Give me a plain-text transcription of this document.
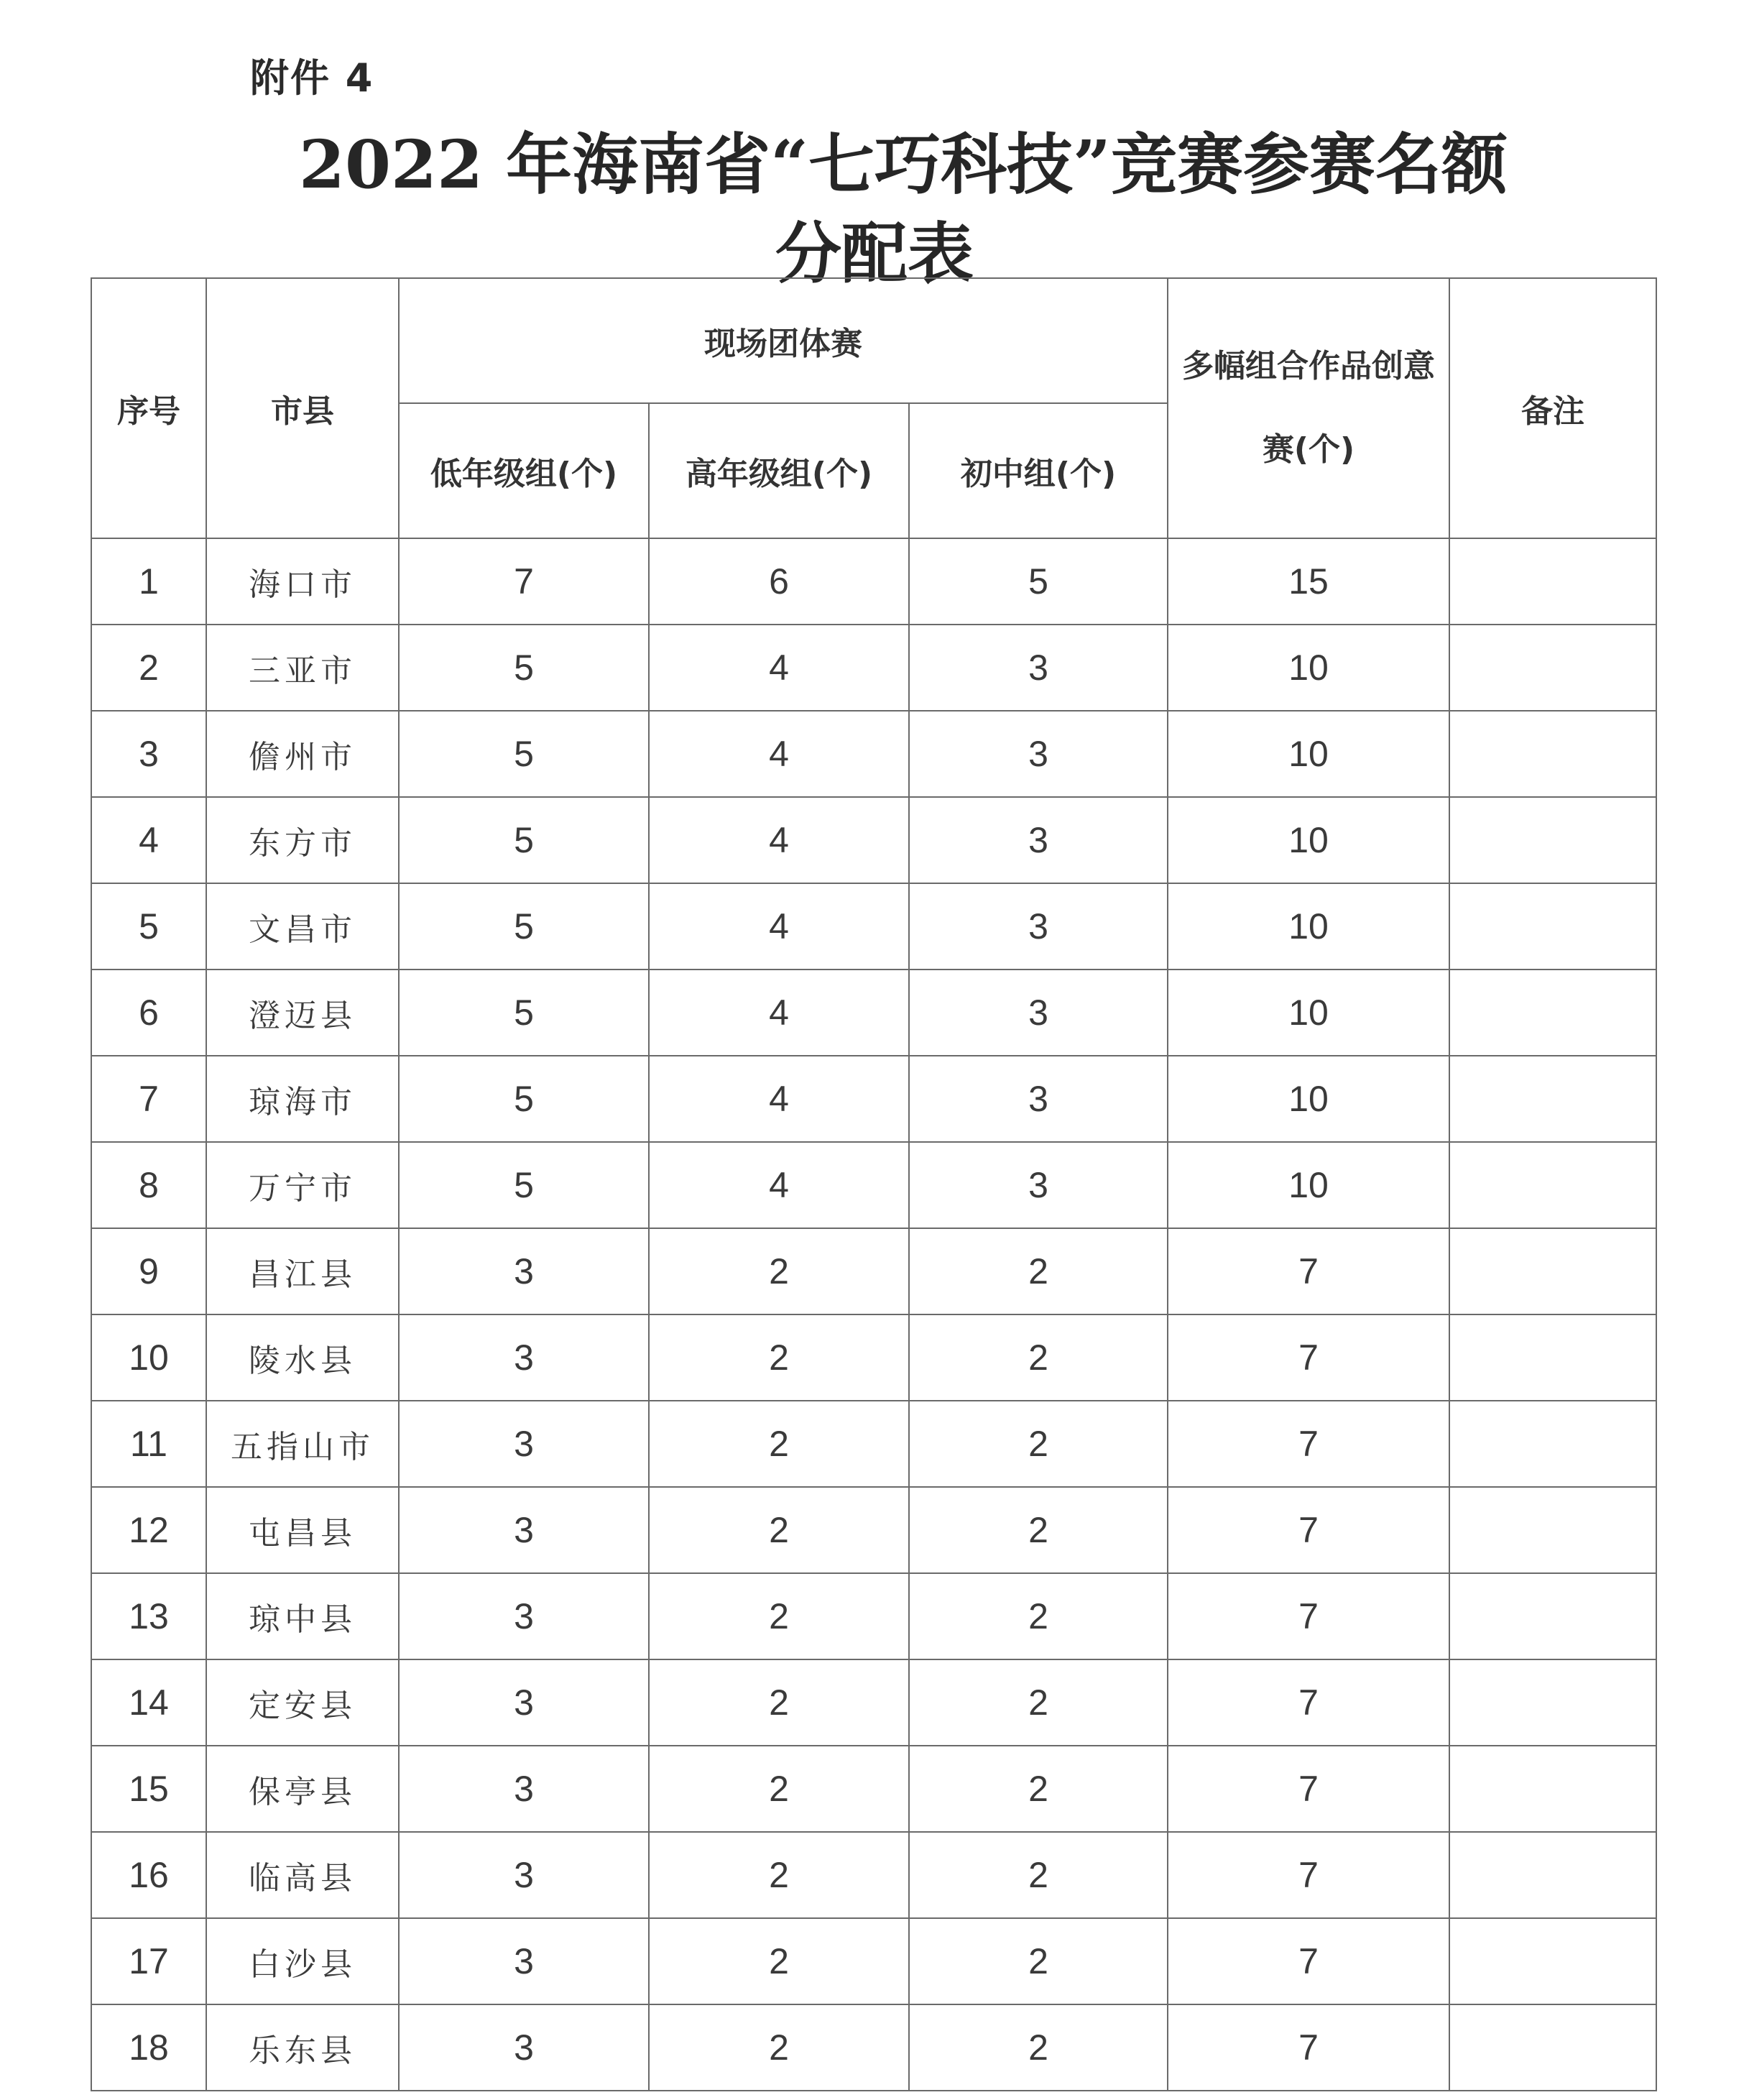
附件 4
2022 年海南省“七巧科技”竞赛参赛名额
分配表
序号	市县	现场团体赛			多幅组合作品创意赛(个)	备注
		低年级组(个)	高年级组(个)	初中组(个)		
1	海口市	7	6	5	15	
2	三亚市	5	4	3	10	
3	儋州市	5	4	3	10	
4	东方市	5	4	3	10	
5	文昌市	5	4	3	10	
6	澄迈县	5	4	3	10	
7	琼海市	5	4	3	10	
8	万宁市	5	4	3	10	
9	昌江县	3	2	2	7	
10	陵水县	3	2	2	7	
11	五指山市	3	2	2	7	
12	屯昌县	3	2	2	7	
13	琼中县	3	2	2	7	
14	定安县	3	2	2	7	
15	保亭县	3	2	2	7	
16	临高县	3	2	2	7	
17	白沙县	3	2	2	7	
18	乐东县	3	2	2	7	
